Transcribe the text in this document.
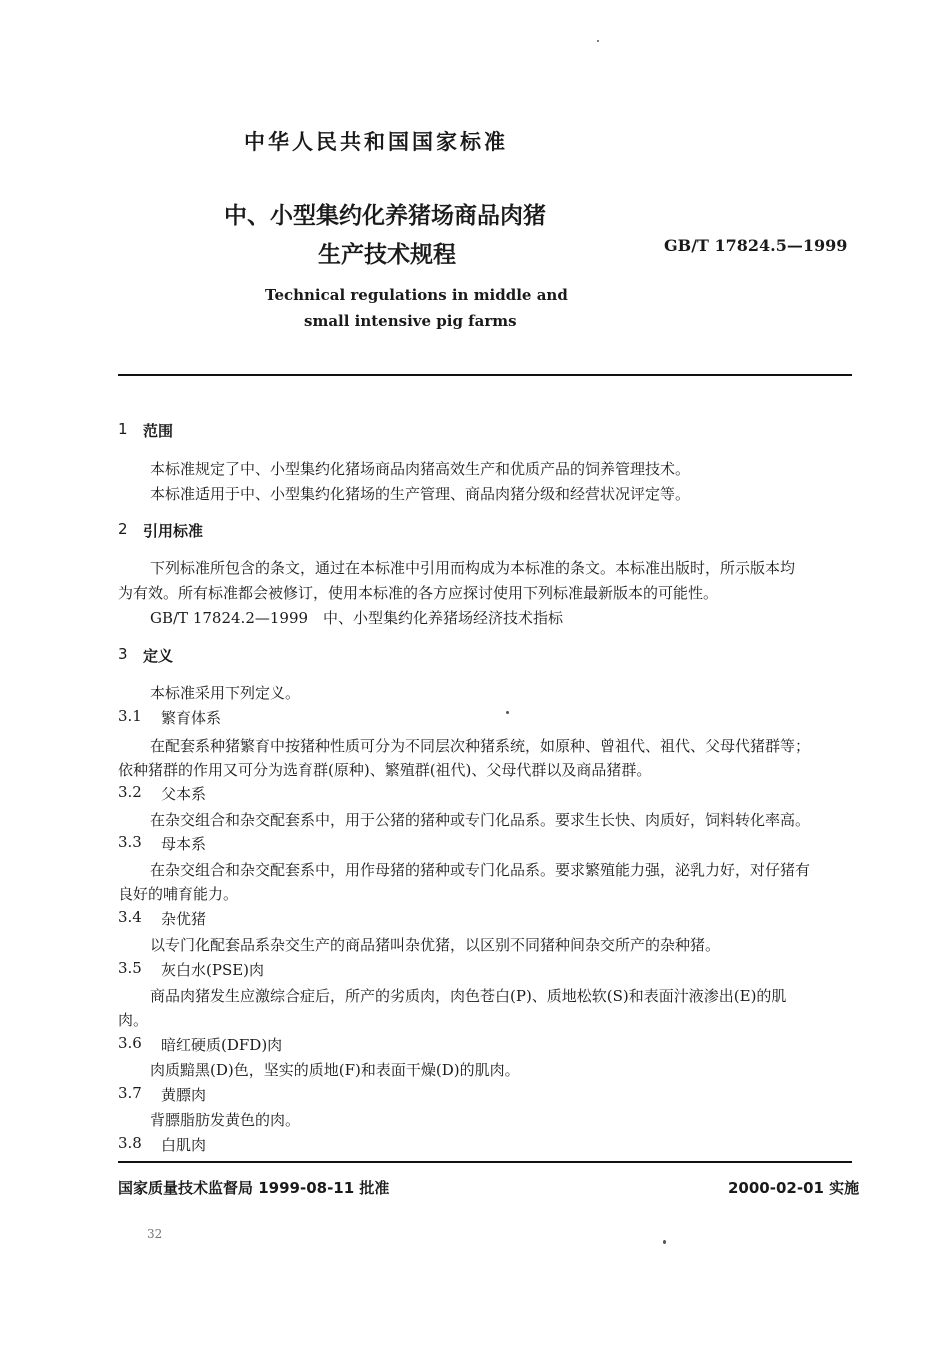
中华人民共和国国家标准
中、小型集约化养猪场商品肉猪
生产技术规程	GB/T 17824.5—1999
Technical regulations in middle and
small intensive pig farms
1 范围
本标准规定了中、小型集约化猪场商品肉猪高效生产和优质产品的饲养管理技术。
本标准适用于中、小型集约化猪场的生产管理、商品肉猪分级和经营状况评定等。
2 引用标准
下列标准所包含的条文，通过在本标准中引用而构成为本标准的条文。本标准出版时，所示版本均
为有效。所有标准都会被修订，使用本标准的各方应探讨使用下列标准最新版本的可能性。
GB/T 17824.2—1999　中、小型集约化养猪场经济技术指标
3 定义
本标准采用下列定义。
3.1 繁育体系
在配套系种猪繁育中按猪种性质可分为不同层次种猪系统，如原种、曾祖代、祖代、父母代猪群等；
依种猪群的作用又可分为选育群(原种)、繁殖群(祖代)、父母代群以及商品猪群。
3.2 父本系
在杂交组合和杂交配套系中，用于公猪的猪种或专门化品系。要求生长快、肉质好，饲料转化率高。
3.3 母本系
在杂交组合和杂交配套系中，用作母猪的猪种或专门化品系。要求繁殖能力强，泌乳力好，对仔猪有
良好的哺育能力。
3.4 杂优猪
以专门化配套品系杂交生产的商品猪叫杂优猪，以区别不同猪种间杂交所产的杂种猪。
3.5 灰白水(PSE)肉
商品肉猪发生应激综合症后，所产的劣质肉，肉色苍白(P)、质地松软(S)和表面汁液渗出(E)的肌
肉。
3.6 暗红硬质(DFD)肉
肉质黯黑(D)色，坚实的质地(F)和表面干燥(D)的肌肉。
3.7 黄膘肉
背膘脂肪发黄色的肉。
3.8 白肌肉
国家质量技术监督局 1999-08-11 批准	2000-02-01 实施
32
